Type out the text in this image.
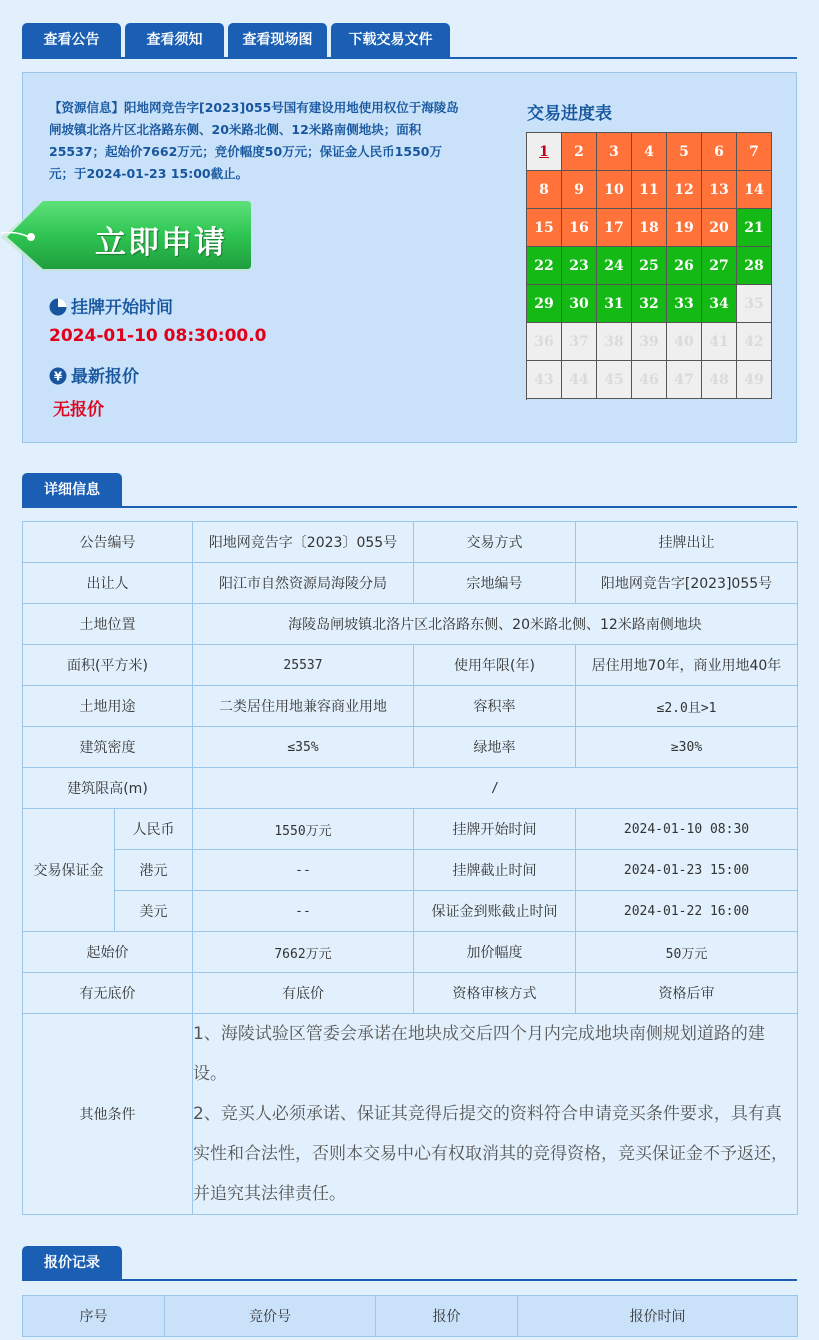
查看公告	查看须知	查看现场图	下载交易文件
【资源信息】阳地网竞告字[2023]055号国有建设用地使用权位于海陵岛闸坡镇北洛片区北洛路东侧、20米路北侧、12米路南侧地块；面积25537；起始价7662万元；竞价幅度50万元；保证金人民币1550万元；于2024-01-23 15:00截止。
立即申请
挂牌开始时间
2024-01-10 08:30:00.0
¥ 最新报价
无报价
交易进度表
1	2	3	4	5	6	7
8	9	10	11	12	13	14
15	16	17	18	19	20	21
22	23	24	25	26	27	28
29	30	31	32	33	34	35
36	37	38	39	40	41	42
43	44	45	46	47	48	49
详细信息
公告编号		阳地网竞告字〔2023〕055号	交易方式	挂牌出让
出让人		阳江市自然资源局海陵分局	宗地编号	阳地网竞告字[2023]055号
土地位置		海陵岛闸坡镇北洛片区北洛路东侧、20米路北侧、12米路南侧地块		
面积(平方米)		25537	使用年限(年)	居住用地70年，商业用地40年
土地用途		二类居住用地兼容商业用地	容积率	≤2.0且>1
建筑密度		≤35%	绿地率	≥30%
建筑限高(m)		/		
交易保证金	人民币	1550万元	挂牌开始时间	2024-01-10 08:30
	港元	--	挂牌截止时间	2024-01-23 15:00
	美元	--	保证金到账截止时间	2024-01-22 16:00
起始价		7662万元	加价幅度	50万元
有无底价		有底价	资格审核方式	资格后审
其他条件		1、海陵试验区管委会承诺在地块成交后四个月内完成地块南侧规划道路的建设。
2、竞买人必须承诺、保证其竞得后提交的资料符合申请竞买条件要求，具有真实性和合法性，否则本交易中心有权取消其的竞得资格，竞买保证金不予返还，并追究其法律责任。		
报价记录
序号	竞价号	报价	报价时间
